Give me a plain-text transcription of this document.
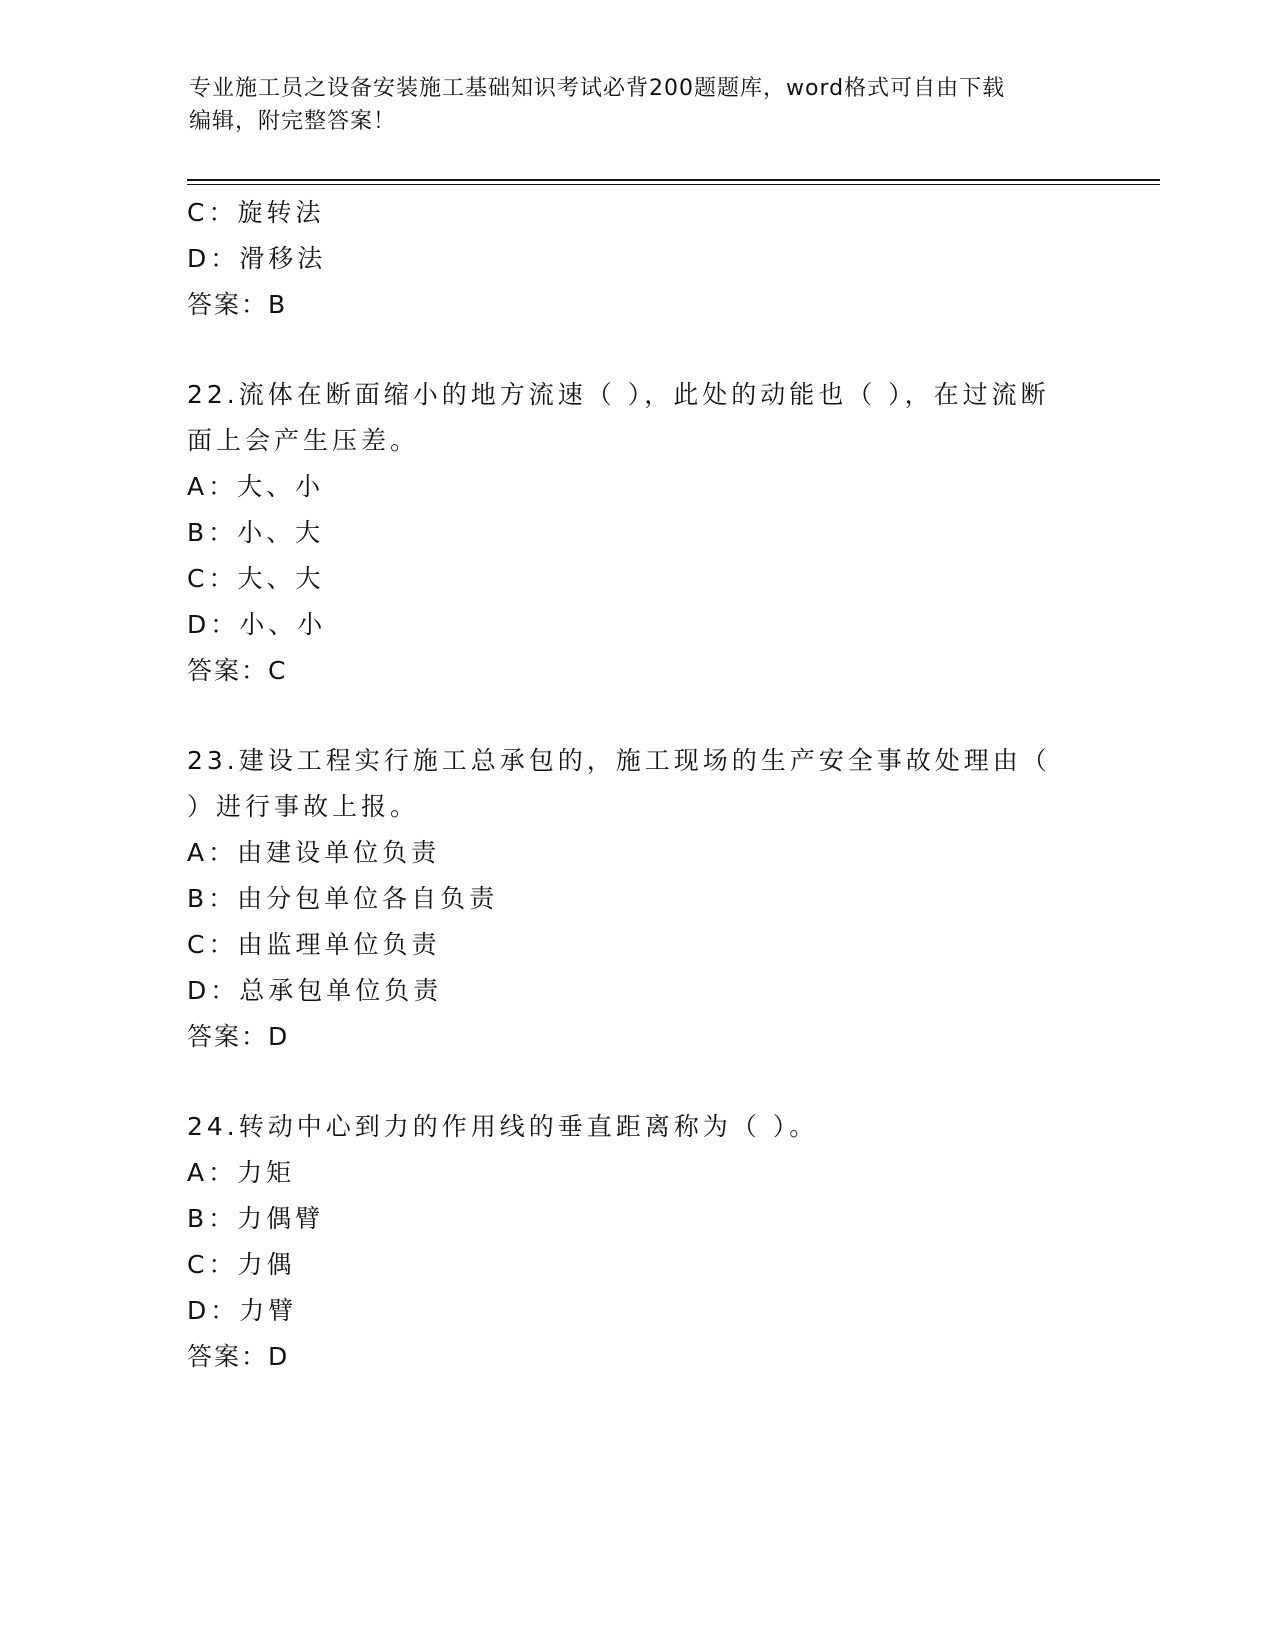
专业施工员之设备安装施工基础知识考试必背200题题库，word格式可自由下载
编辑，附完整答案！
C：旋转法
D：滑移法
答案：B
22.流体在断面缩小的地方流速（ ），此处的动能也（ ），在过流断
面上会产生压差。
A：大、小
B：小、大
C：大、大
D：小、小
答案：C
23.建设工程实行施工总承包的，施工现场的生产安全事故处理由（
）进行事故上报。
A：由建设单位负责
B：由分包单位各自负责
C：由监理单位负责
D：总承包单位负责
答案：D
24.转动中心到力的作用线的垂直距离称为（ ）。
A：力矩
B：力偶臂
C：力偶
D：力臂
答案：D
